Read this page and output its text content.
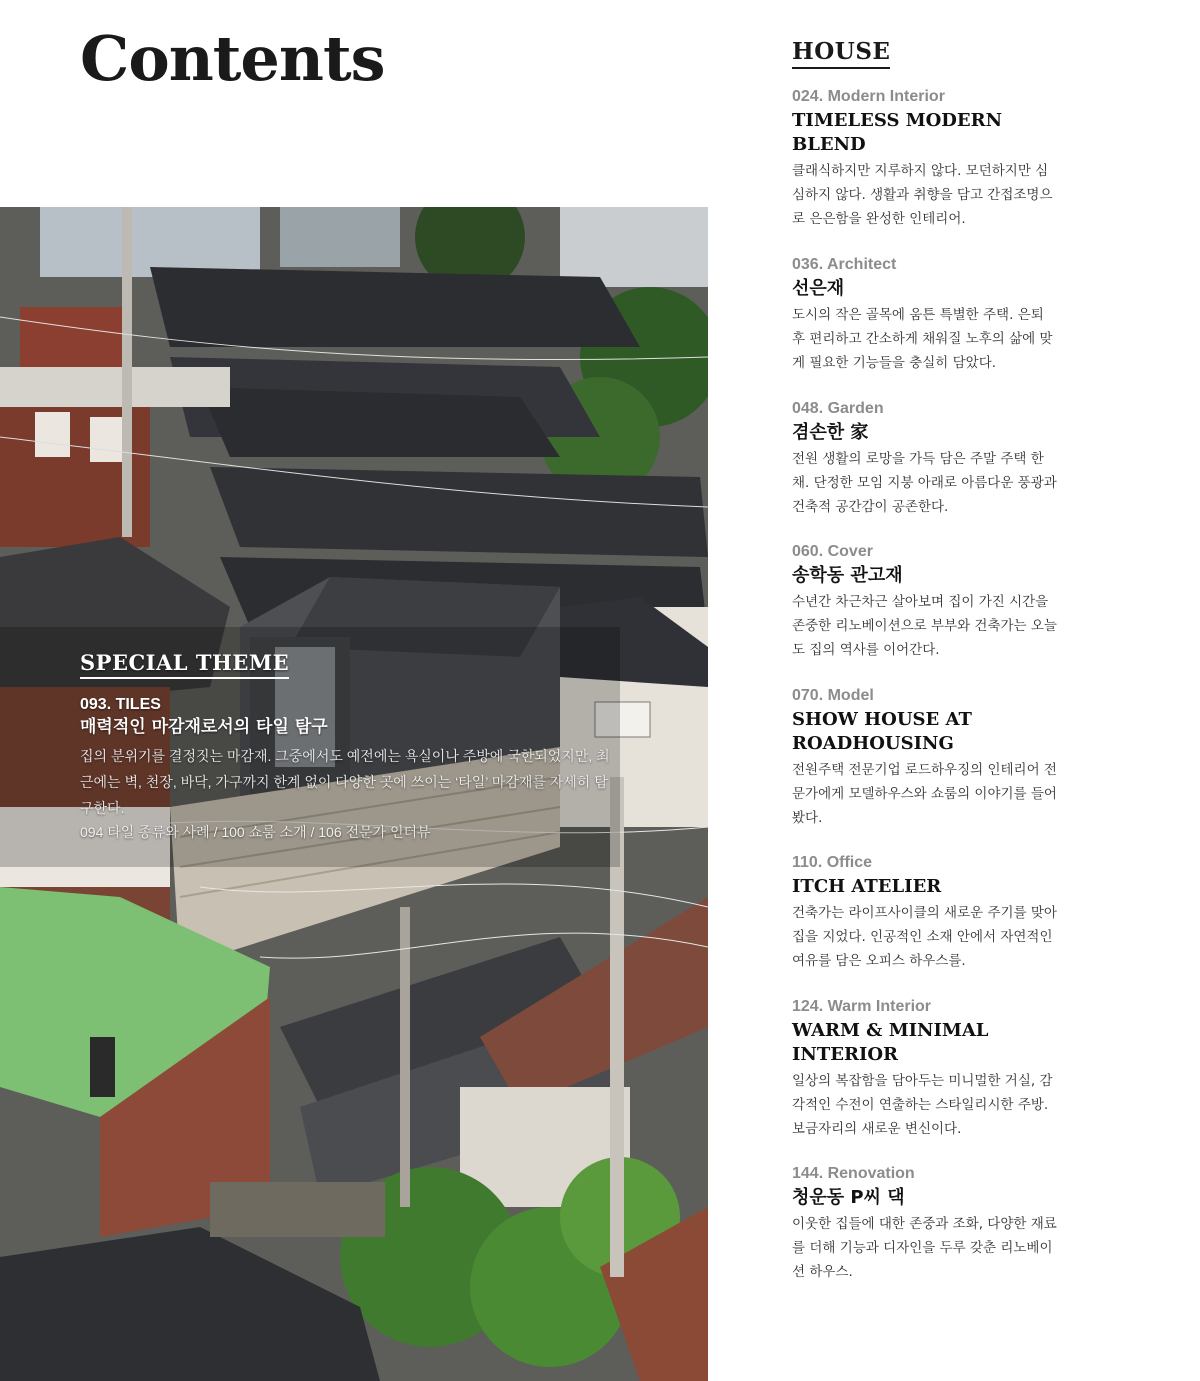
Contents
SPECIAL THEME
093. TILES
매력적인 마감재로서의 타일 탐구
집의 분위기를 결정짓는 마감재. 그중에서도 예전에는 욕실이나 주방에 국한되었지만, 최근에는 벽, 천장, 바닥, 가구까지 한계 없이 다양한 곳에 쓰이는 ‘타일’ 마감재를 자세히 탐구한다.
094 타일 종류와 사례 / 100 쇼룸 소개 / 106 전문가 인터뷰
HOUSE
024. Modern Interior
TIMELESS MODERN BLEND
클래식하지만 지루하지 않다. 모던하지만 심심하지 않다. 생활과 취향을 담고 간접조명으로 은은함을 완성한 인테리어.
036. Architect
선은재
도시의 작은 골목에 움튼 특별한 주택. 은퇴 후 편리하고 간소하게 채워질 노후의 삶에 맞게 필요한 기능들을 충실히 담았다.
048. Garden
겸손한 家
전원 생활의 로망을 가득 담은 주말 주택 한 채. 단정한 모임 지붕 아래로 아름다운 풍광과 건축적 공간감이 공존한다.
060. Cover
송학동 관고재
수년간 차근차근 살아보며 집이 가진 시간을 존중한 리노베이션으로 부부와 건축가는 오늘도 집의 역사를 이어간다.
070. Model
SHOW HOUSE AT ROADHOUSING
전원주택 전문기업 로드하우징의 인테리어 전문가에게 모델하우스와 쇼룸의 이야기를 들어봤다.
110. Office
ITCH ATELIER
건축가는 라이프사이클의 새로운 주기를 맞아 집을 지었다. 인공적인 소재 안에서 자연적인 여유를 담은 오피스 하우스를.
124. Warm Interior
WARM & MINIMAL INTERIOR
일상의 복잡함을 담아두는 미니멀한 거실, 감각적인 수전이 연출하는 스타일리시한 주방. 보금자리의 새로운 변신이다.
144. Renovation
청운동 P씨 댁
이웃한 집들에 대한 존중과 조화, 다양한 재료를 더해 기능과 디자인을 두루 갖춘 리노베이션 하우스.
